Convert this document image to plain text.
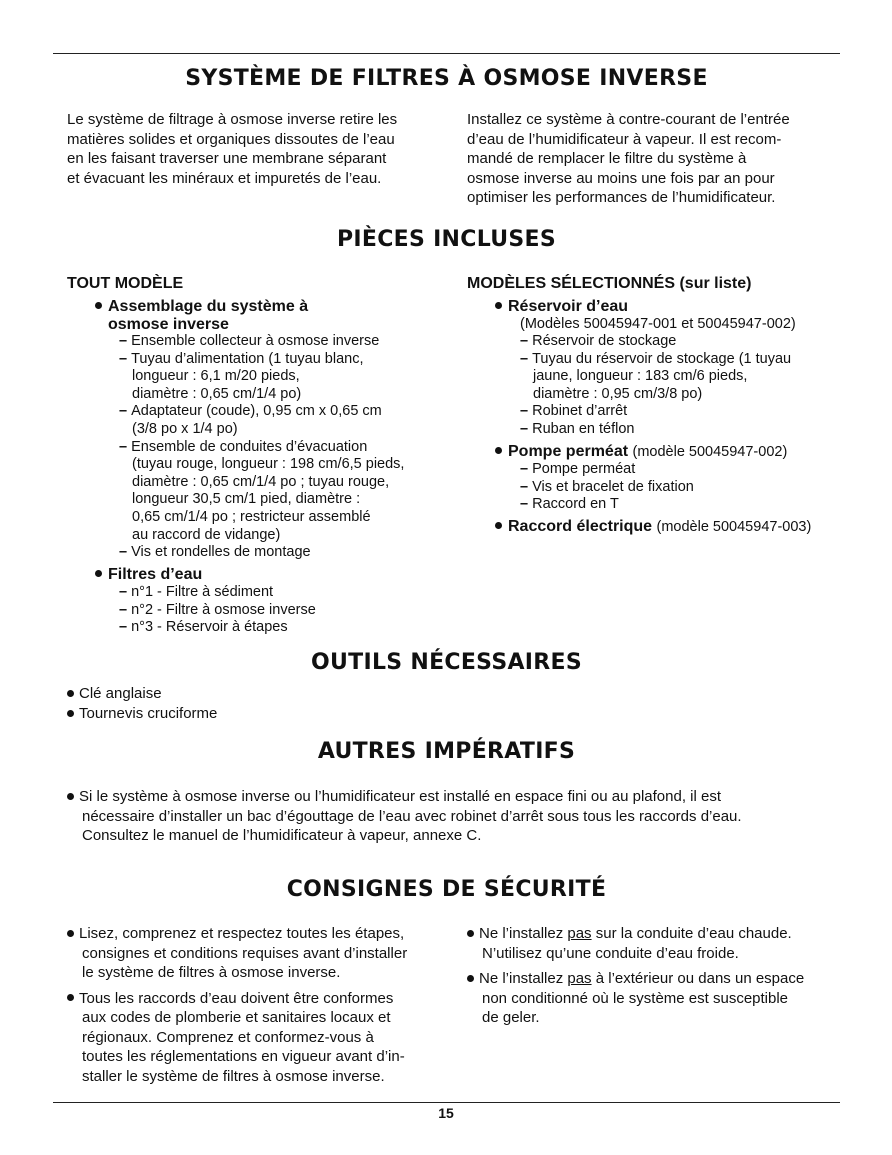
SYSTÈME DE FILTRES À OSMOSE INVERSE
Le système de filtrage à osmose inverse retire les
matières solides et organiques dissoutes de l’eau
en les faisant traverser une membrane séparant
et évacuant les minéraux et impuretés de l’eau.
Installez ce système à contre-courant de l’entrée
d’eau de l’humidificateur à vapeur. Il est recom-
mandé de remplacer le filtre du système à
osmose inverse au moins une fois par an pour
optimiser les performances de l’humidificateur.
PIÈCES INCLUSES
TOUT MODÈLE
Assemblage du système à
osmose inverse
– Ensemble collecteur à osmose inverse
– Tuyau d’alimentation (1 tuyau blanc,
longueur : 6,1 m/20 pieds,
diamètre : 0,65 cm/1/4 po)
– Adaptateur (coude), 0,95 cm x 0,65 cm
(3/8 po x 1/4 po)
– Ensemble de conduites d’évacuation
(tuyau rouge, longueur : 198 cm/6,5 pieds,
diamètre : 0,65 cm/1/4 po ; tuyau rouge,
longueur 30,5 cm/1 pied, diamètre :
0,65 cm/1/4 po ; restricteur assemblé
au raccord de vidange)
– Vis et rondelles de montage
Filtres d’eau
– n°1 - Filtre à sédiment
– n°2 - Filtre à osmose inverse
– n°3 - Réservoir à étapes
MODÈLES SÉLECTIONNÉS (sur liste)
Réservoir d’eau
(Modèles 50045947-001 et 50045947-002)
– Réservoir de stockage
– Tuyau du réservoir de stockage (1 tuyau
jaune, longueur : 183 cm/6 pieds,
diamètre : 0,95 cm/3/8 po)
– Robinet d’arrêt
– Ruban en téflon
Pompe perméat (modèle 50045947-002)
– Pompe perméat
– Vis et bracelet de fixation
– Raccord en T
Raccord électrique (modèle 50045947-003)
OUTILS NÉCESSAIRES
Clé anglaise
Tournevis cruciforme
AUTRES IMPÉRATIFS
Si le système à osmose inverse ou l’humidificateur est installé en espace fini ou au plafond, il est
nécessaire d’installer un bac d’égouttage de l’eau avec robinet d’arrêt sous tous les raccords d’eau.
Consultez le manuel de l’humidificateur à vapeur, annexe C.
CONSIGNES DE SÉCURITÉ
Lisez, comprenez et respectez toutes les étapes,
consignes et conditions requises avant d’installer
le système de filtres à osmose inverse.
Tous les raccords d’eau doivent être conformes
aux codes de plomberie et sanitaires locaux et
régionaux. Comprenez et conformez-vous à
toutes les réglementations en vigueur avant d’in-
staller le système de filtres à osmose inverse.
Ne l’installez pas sur la conduite d’eau chaude.
N’utilisez qu’une conduite d’eau froide.
Ne l’installez pas à l’extérieur ou dans un espace
non conditionné où le système est susceptible
de geler.
15
